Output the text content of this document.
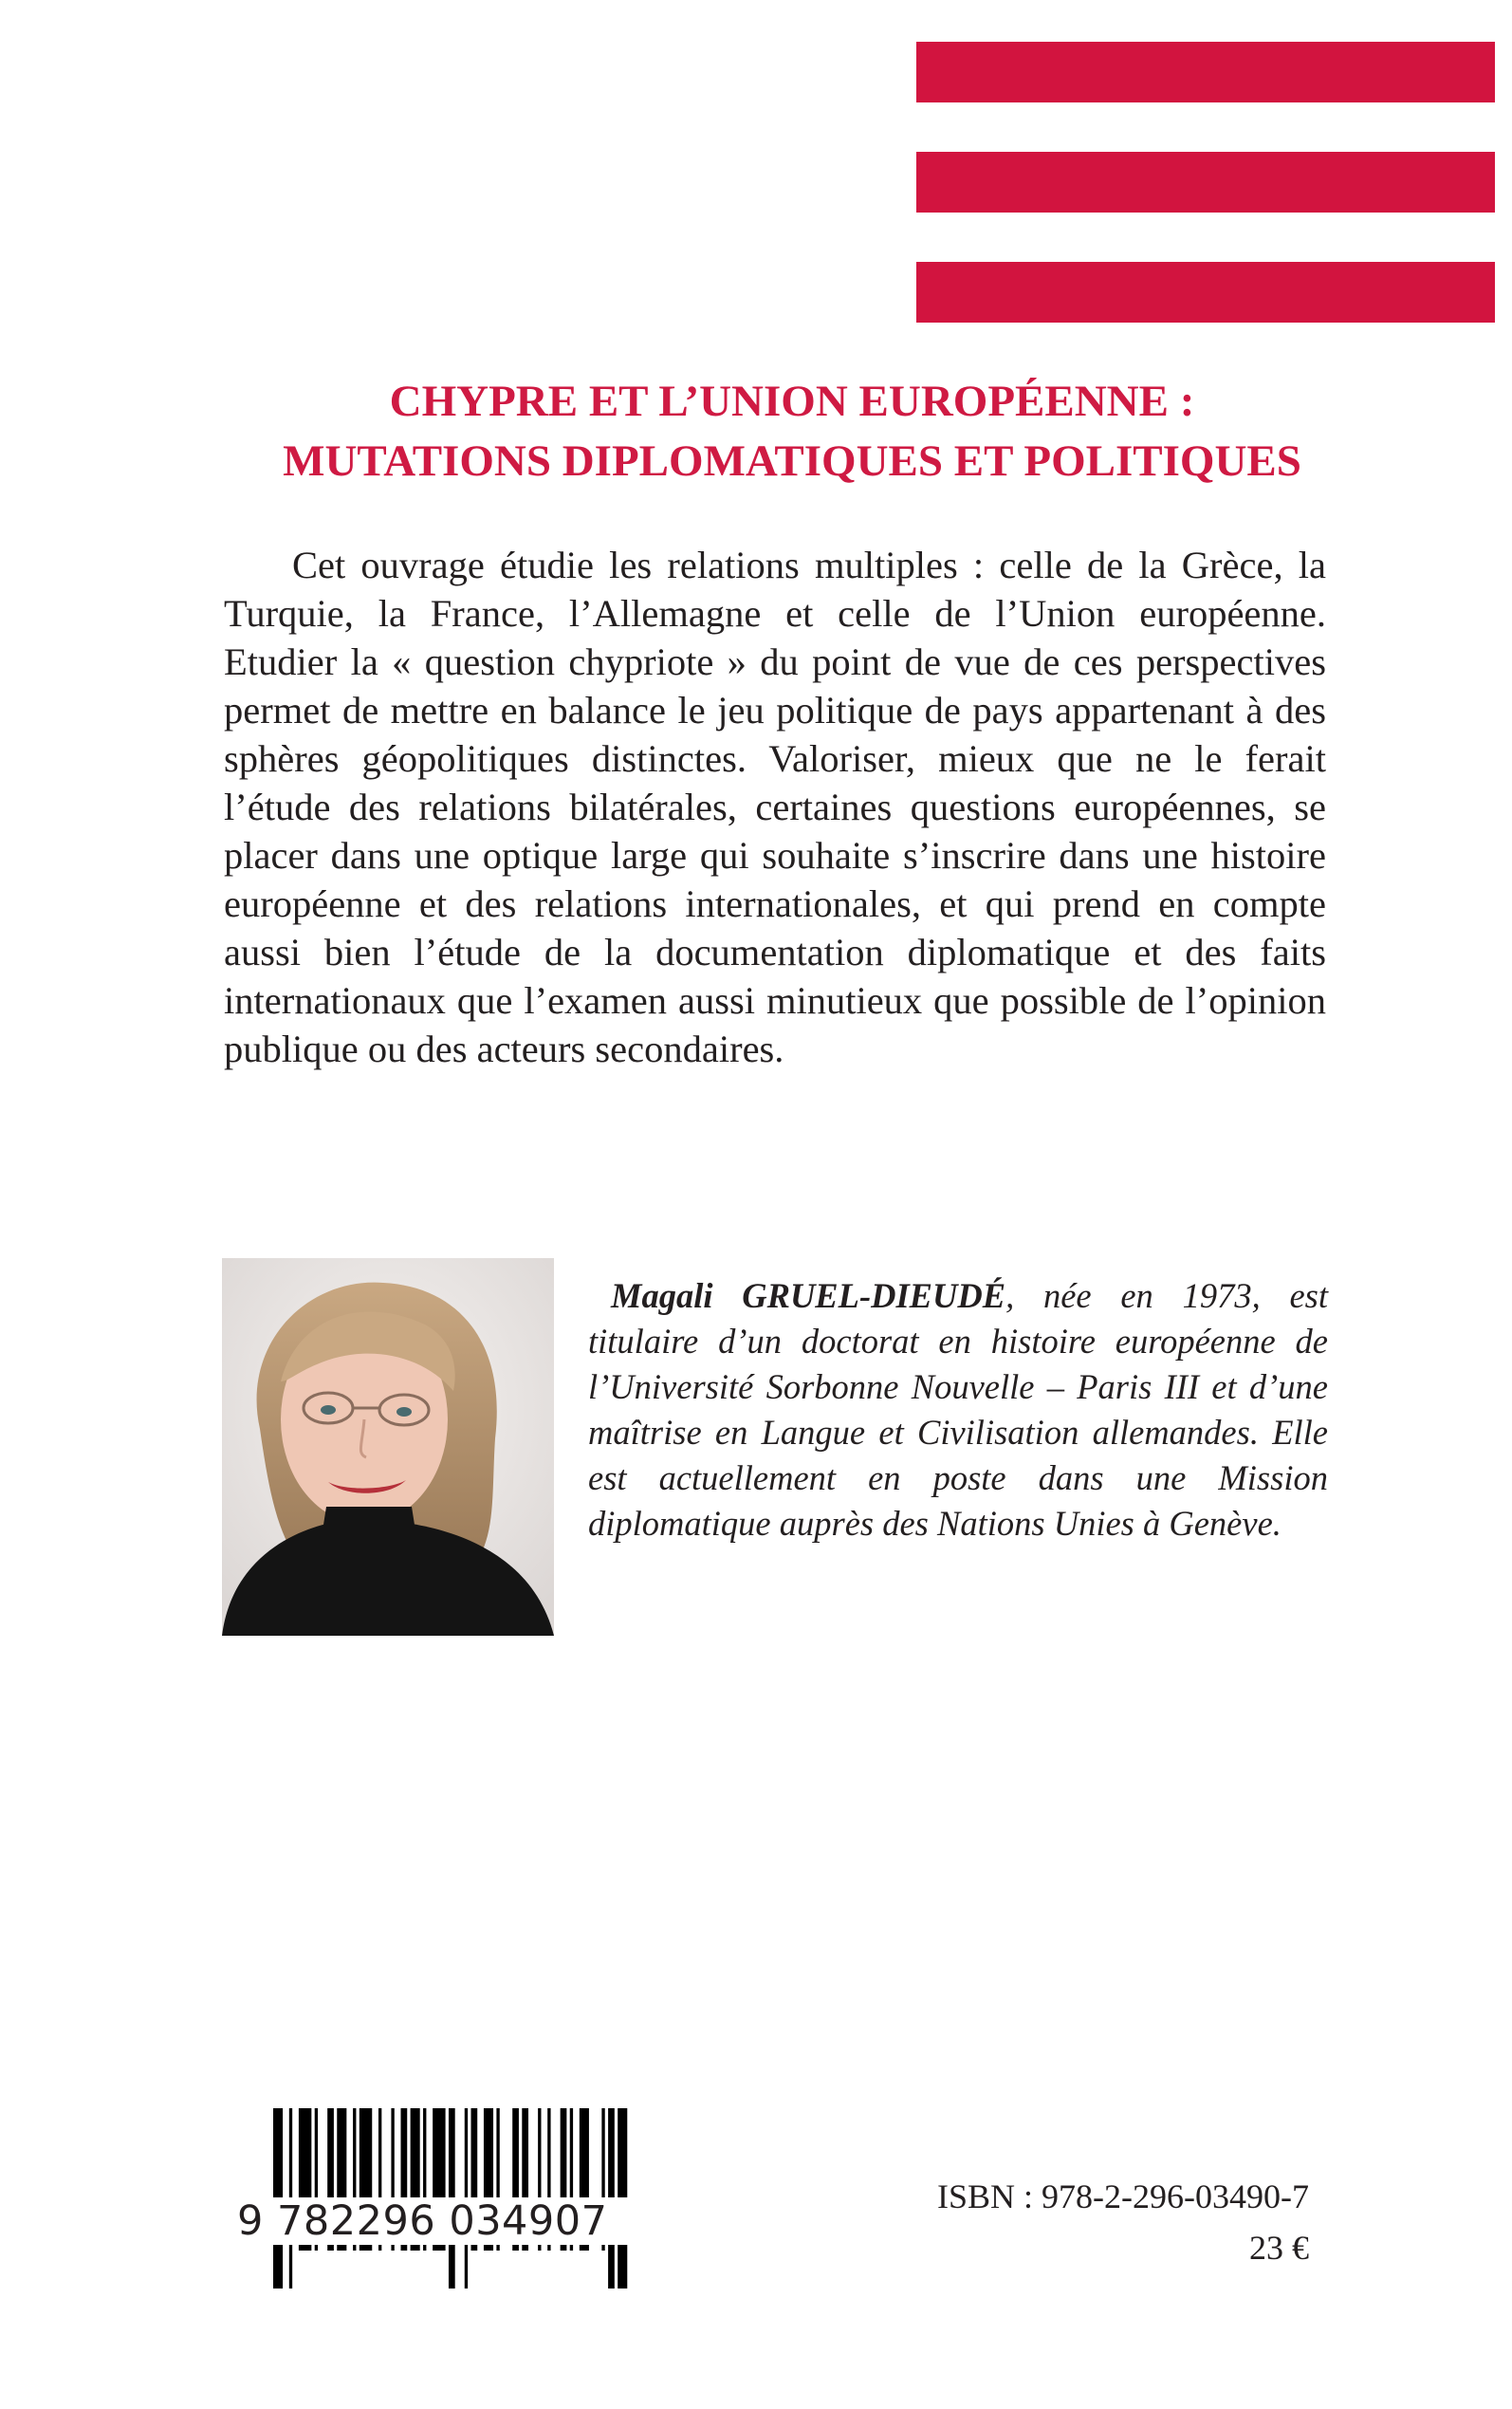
CHYPRE ET L’UNION EUROPÉENNE :
MUTATIONS DIPLOMATIQUES ET POLITIQUES

Cet ouvrage étudie les relations multiples : celle de la Grèce, la Turquie, la France, l’Allemagne et celle de l’Union européenne. Etudier la « question chypriote » du point de vue de ces perspectives permet de mettre en balance le jeu politique de pays appartenant à des sphères géopolitiques distinctes. Valoriser, mieux que ne le ferait l’étude des relations bilatérales, certaines questions européennes, se placer dans une optique large qui souhaite s’inscrire dans une histoire européenne et des relations internationales, et qui prend en compte aussi bien l’étude de la documentation diplomatique et des faits internationaux que l’examen aussi minutieux que possible de l’opinion publique ou des acteurs secondaires.

Magali GRUEL-DIEUDÉ, née en 1973, est titulaire d’un doctorat en histoire européenne de l’Université Sorbonne Nouvelle – Paris III et d’une maîtrise en Langue et Civilisation allemandes. Elle est actuellement en poste dans une Mission diplomatique auprès des Nations Unies à Genève.

9 782296 034907
ISBN : 978-2-296-03490-7
23 €
